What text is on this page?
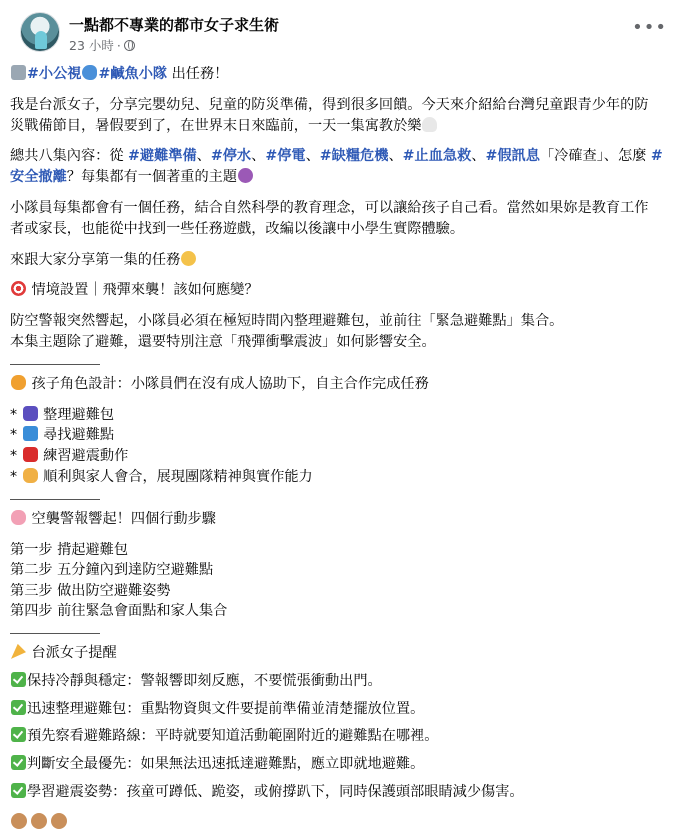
一點都不專業的都市女子求生術
23 小時 ·
•••
#小公視 #鹹魚小隊 出任務！
我是台派女子，分享完嬰幼兒、兒童的防災準備，得到很多回饋。今天來介紹給台灣兒童跟青少年的防
災戰備節目，暑假要到了，在世界末日來臨前，一天一集寓教於樂
總共八集內容：從 #避難準備、#停水、#停電、#缺糧危機、#止血急救、#假訊息「冷確查」、怎麼 #
安全撤離？每集都有一個著重的主題
小隊員每集都會有一個任務，結合自然科學的教育理念，可以讓給孩子自己看。當然如果妳是教育工作
者或家長，也能從中找到一些任務遊戲，改編以後讓中小學生實際體驗。
來跟大家分享第一集的任務
情境設置｜飛彈來襲！該如何應變？
防空警報突然響起，小隊員必須在極短時間內整理避難包，並前往「緊急避難點」集合。
本集主題除了避難，還要特別注意「飛彈衝擊震波」如何影響安全。
孩子角色設計：小隊員們在沒有成人協助下，自主合作完成任務
* 整理避難包
* 尋找避難點
* 練習避震動作
* 順利與家人會合，展現團隊精神與實作能力
空襲警報響起！四個行動步驟
第一步 揹起避難包
第二步 五分鐘內到達防空避難點
第三步 做出防空避難姿勢
第四步 前往緊急會面點和家人集合
台派女子提醒
保持冷靜與穩定：警報響即刻反應，不要慌張衝動出門。
迅速整理避難包：重點物資與文件要提前準備並清楚擺放位置。
預先察看避難路線：平時就要知道活動範圍附近的避難點在哪裡。
判斷安全最優先：如果無法迅速抵達避難點，應立即就地避難。
學習避震姿勢：孩童可蹲低、跪姿，或俯撐趴下，同時保護頭部眼睛減少傷害。
